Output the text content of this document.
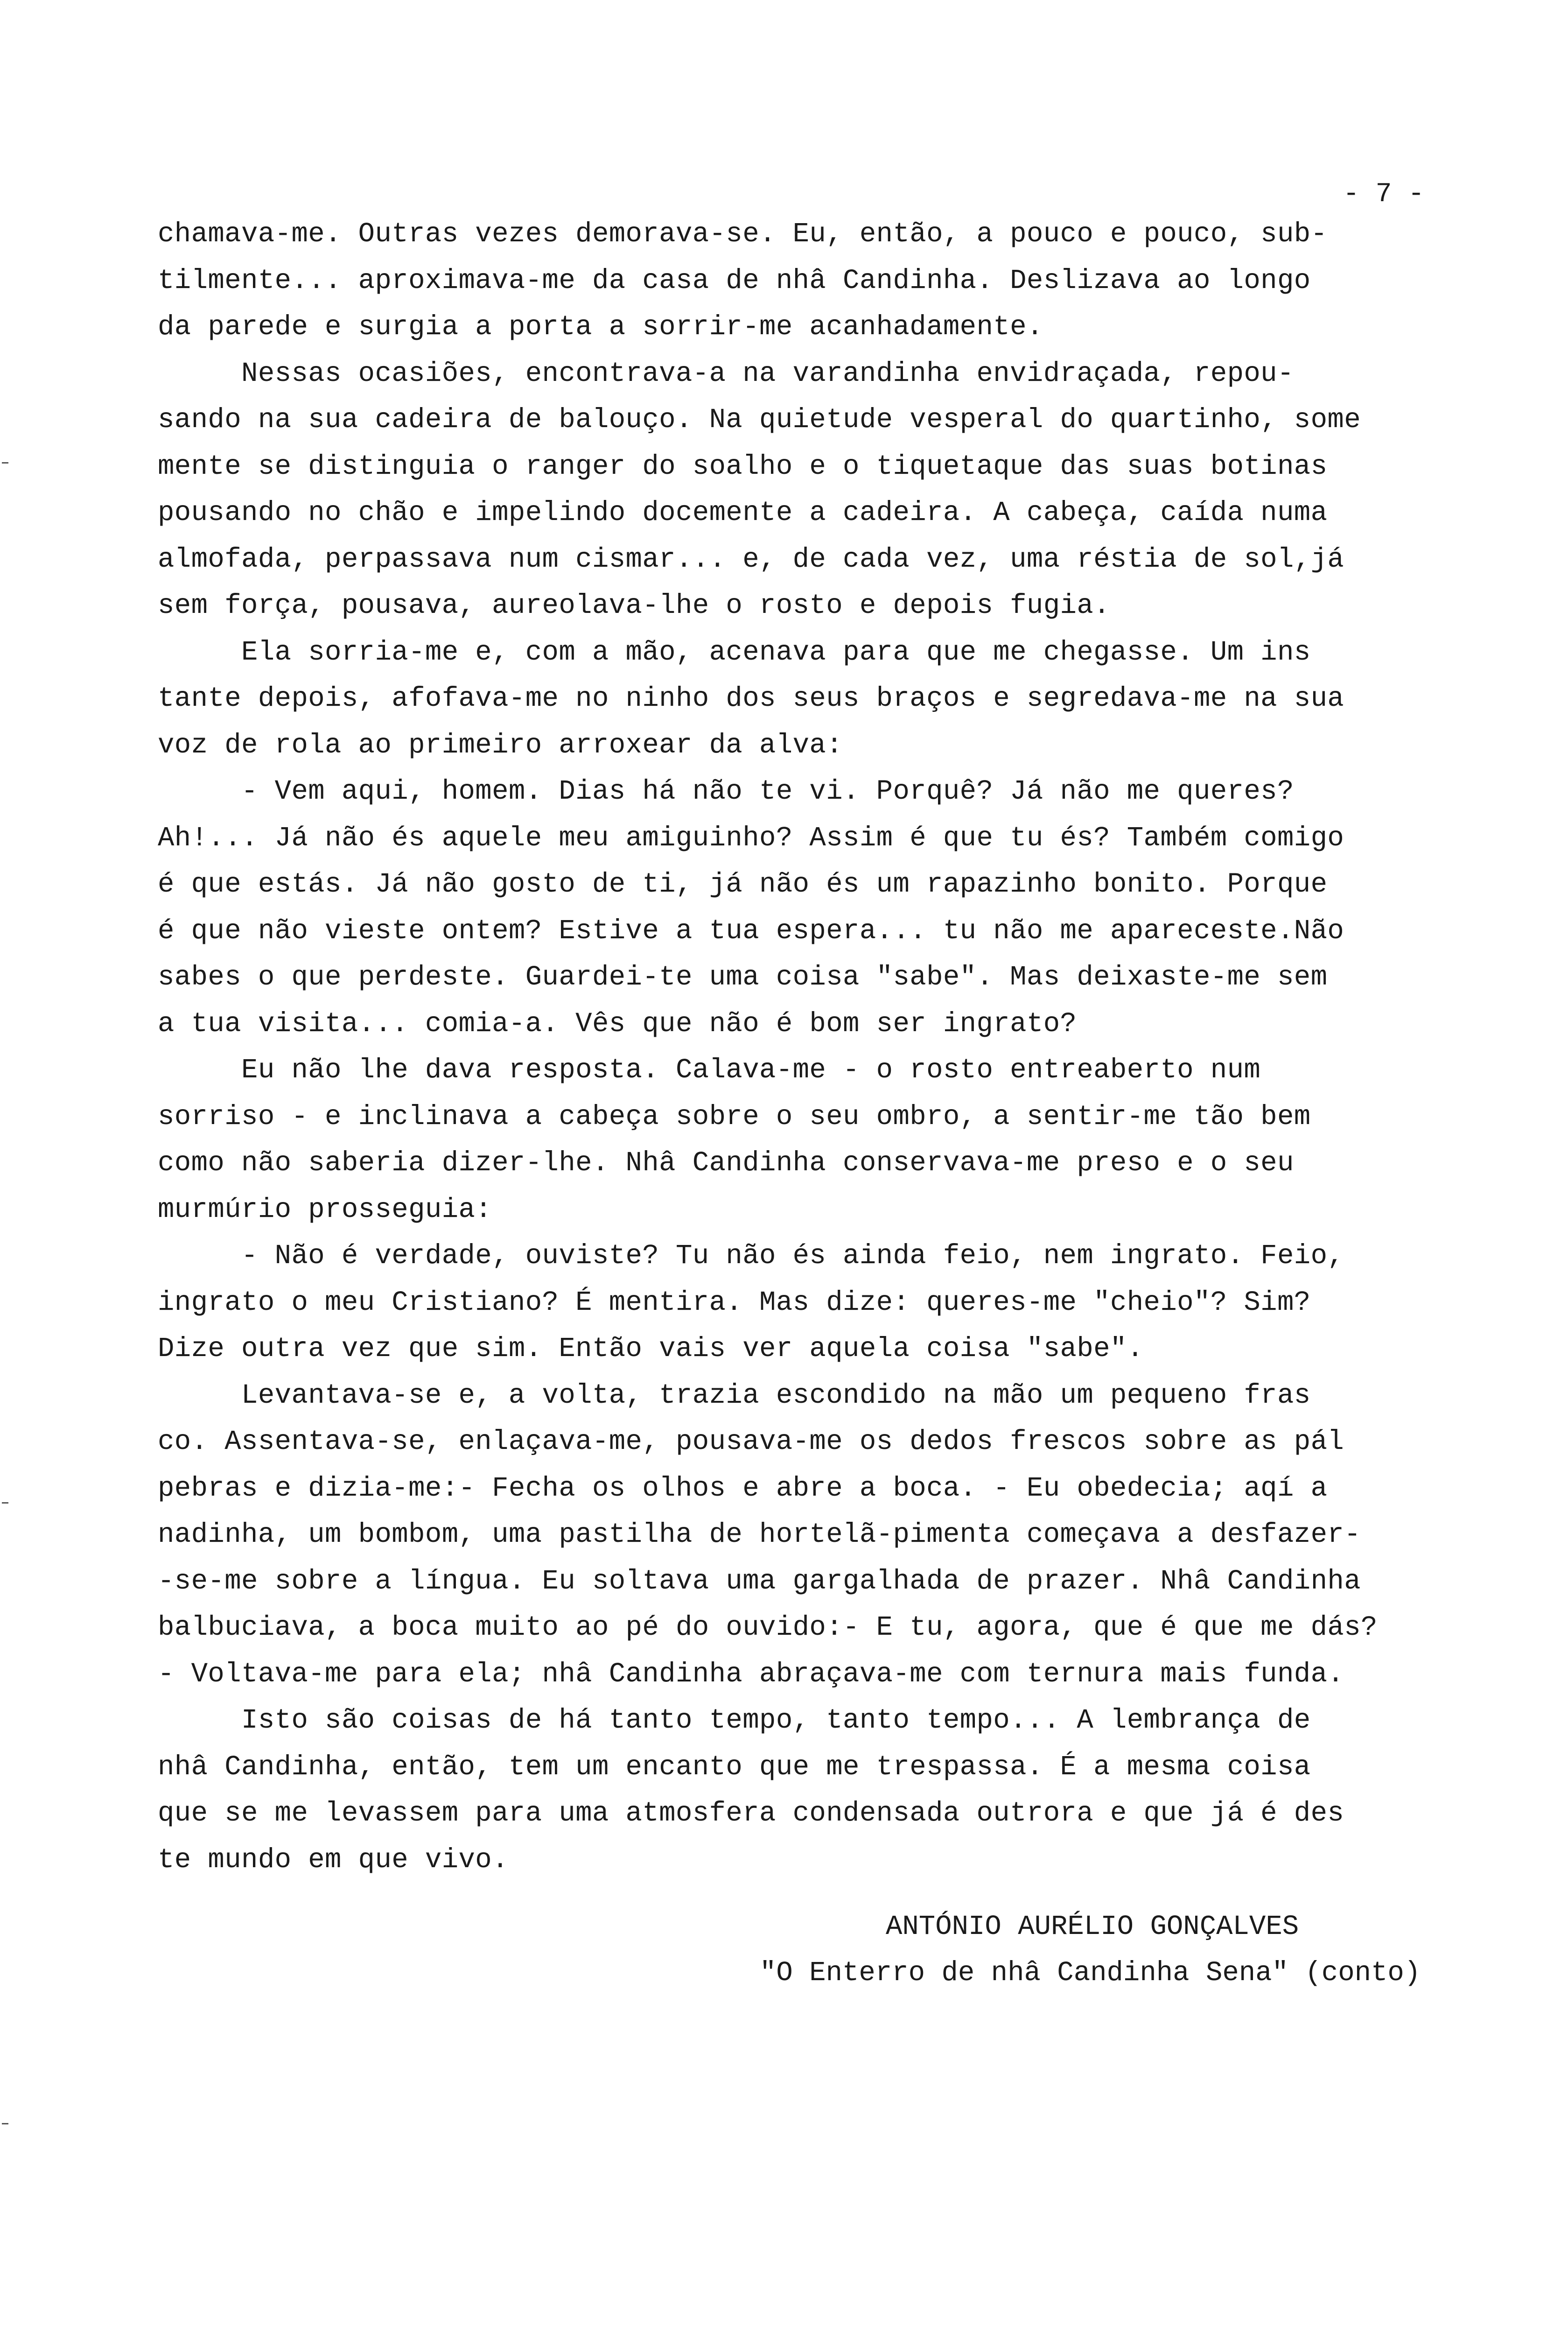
- 7 -
chamava-me. Outras vezes demorava-se. Eu, então, a pouco e pouco, sub-
tilmente... aproximava-me da casa de nhâ Candinha. Deslizava ao longo
da parede e surgia a porta a sorrir-me acanhadamente.
Nessas ocasiões, encontrava-a na varandinha envidraçada, repou-
sando na sua cadeira de balouço. Na quietude vesperal do quartinho, some
mente se distinguia o ranger do soalho e o tiquetaque das suas botinas
pousando no chão e impelindo docemente a cadeira. A cabeça, caída numa
almofada, perpassava num cismar... e, de cada vez, uma réstia de sol,já
sem força, pousava, aureolava-lhe o rosto e depois fugia.
Ela sorria-me e, com a mão, acenava para que me chegasse. Um ins
tante depois, afofava-me no ninho dos seus braços e segredava-me na sua
voz de rola ao primeiro arroxear da alva:
- Vem aqui, homem. Dias há não te vi. Porquê? Já não me queres?
Ah!... Já não és aquele meu amiguinho? Assim é que tu és? Também comigo
é que estás. Já não gosto de ti, já não és um rapazinho bonito. Porque
é que não vieste ontem? Estive a tua espera... tu não me apareceste.Não
sabes o que perdeste. Guardei-te uma coisa "sabe". Mas deixaste-me sem
a tua visita... comia-a. Vês que não é bom ser ingrato?
Eu não lhe dava resposta. Calava-me - o rosto entreaberto num
sorriso - e inclinava a cabeça sobre o seu ombro, a sentir-me tão bem
como não saberia dizer-lhe. Nhâ Candinha conservava-me preso e o seu
murmúrio prosseguia:
- Não é verdade, ouviste? Tu não és ainda feio, nem ingrato. Feio,
ingrato o meu Cristiano? É mentira. Mas dize: queres-me "cheio"? Sim?
Dize outra vez que sim. Então vais ver aquela coisa "sabe".
Levantava-se e, a volta, trazia escondido na mão um pequeno fras
co. Assentava-se, enlaçava-me, pousava-me os dedos frescos sobre as pál
pebras e dizia-me:- Fecha os olhos e abre a boca. - Eu obedecia; aqí a
nadinha, um bombom, uma pastilha de hortelã-pimenta começava a desfazer-
-se-me sobre a língua. Eu soltava uma gargalhada de prazer. Nhâ Candinha
balbuciava, a boca muito ao pé do ouvido:- E tu, agora, que é que me dás?
- Voltava-me para ela; nhâ Candinha abraçava-me com ternura mais funda.
Isto são coisas de há tanto tempo, tanto tempo... A lembrança de
nhâ Candinha, então, tem um encanto que me trespassa. É a mesma coisa
que se me levassem para uma atmosfera condensada outrora e que já é des
te mundo em que vivo.
ANTÓNIO AURÉLIO GONÇALVES
"O Enterro de nhâ Candinha Sena" (conto)
